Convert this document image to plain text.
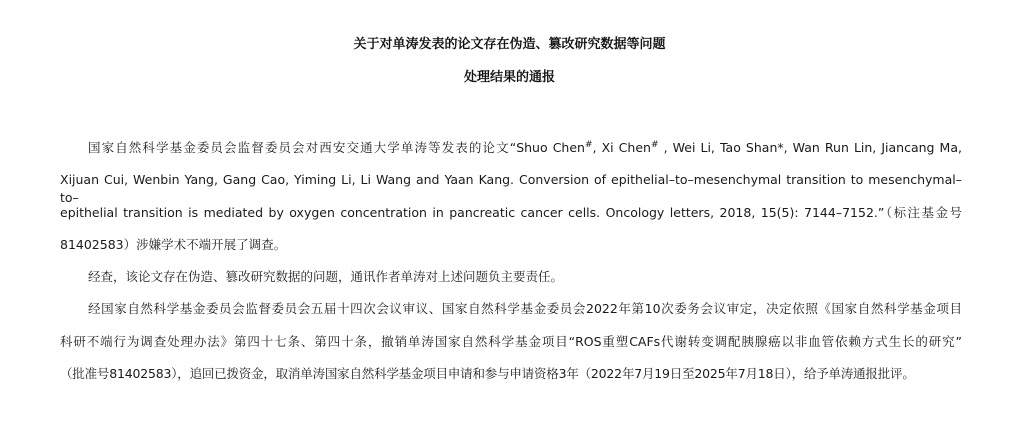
关于对单涛发表的论文存在伪造、篡改研究数据等问题
处理结果的通报
国家自然科学基金委员会监督委员会对西安交通大学单涛等发表的论文“Shuo Chen#, Xi Chen# , Wei Li, Tao Shan*, Wan Run Lin, Jiancang Ma,
Xijuan Cui, Wenbin Yang, Gang Cao, Yiming Li, Li Wang and Yaan Kang. Conversion of epithelial–to–mesenchymal transition to mesenchymal–to–
epithelial transition is mediated by oxygen concentration in pancreatic cancer cells. Oncology letters, 2018, 15(5): 7144–7152.”（标注基金号
81402583）涉嫌学术不端开展了调查。
经查，该论文存在伪造、篡改研究数据的问题，通讯作者单涛对上述问题负主要责任。
经国家自然科学基金委员会监督委员会五届十四次会议审议、国家自然科学基金委员会2022年第10次委务会议审定，决定依照《国家自然科学基金项目
科研不端行为调查处理办法》第四十七条、第四十条，撤销单涛国家自然科学基金项目“ROS重塑CAFs代谢转变调配胰腺癌以非血管依赖方式生长的研究”
（批准号81402583），追回已拨资金，取消单涛国家自然科学基金项目申请和参与申请资格3年（2022年7月19日至2025年7月18日），给予单涛通报批评。
